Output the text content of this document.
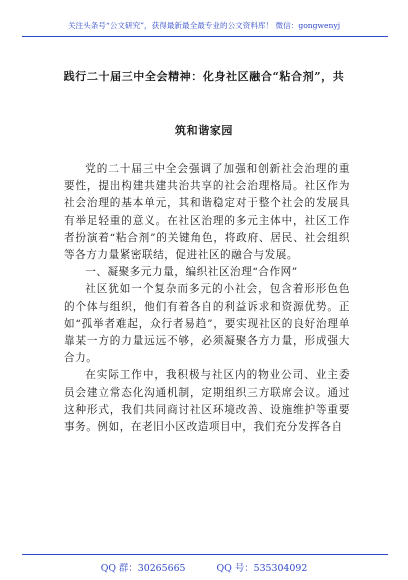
关注头条号“公文研究”，获得最新最全最专业的公文资料库！ 微信：gongwenyj
践行二十届三中全会精神：化身社区融合“粘合剂”，共
筑和谐家园

党的二十届三中全会强调了加强和创新社会治理的重要性，提出构建共建共治共享的社会治理格局。社区作为社会治理的基本单元，其和谐稳定对于整个社会的发展具有举足轻重的意义。在社区治理的多元主体中，社区工作者扮演着“粘合剂”的关键角色，将政府、居民、社会组织等各方力量紧密联结，促进社区的融合与发展。

一、凝聚多元力量，编织社区治理“合作网”

社区犹如一个复杂而多元的小社会，包含着形形色色的个体与组织，他们有着各自的利益诉求和资源优势。正如“孤举者难起，众行者易趋”，要实现社区的良好治理单靠某一方的力量远远不够，必须凝聚各方力量，形成强大合力。

在实际工作中，我积极与社区内的物业公司、业主委员会建立常态化沟通机制，定期组织三方联席会议。通过这种形式，我们共同商讨社区环境改善、设施维护等重要事务。例如，在老旧小区改造项目中，我们充分发挥各自

QQ 群：30265665	QQ 号：535304092
